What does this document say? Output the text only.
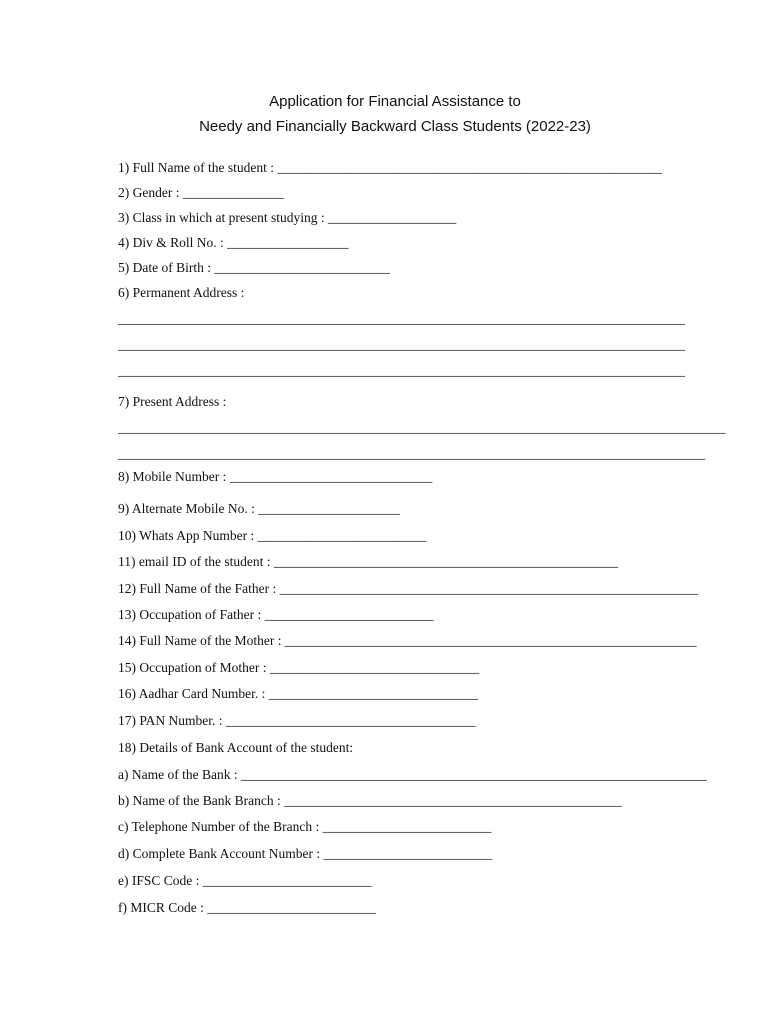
Application for Financial Assistance to
Needy and Financially Backward Class Students (2022-23)
1) Full Name of the student : _________________________________________________________
2) Gender : _______________
3) Class in which at present studying : ___________________
4) Div & Roll No. : __________________
5) Date of Birth : __________________________
6) Permanent Address :
____________________________________________________________________________________
____________________________________________________________________________________
____________________________________________________________________________________
7) Present Address :
__________________________________________________________________________________________
_______________________________________________________________________________________
8) Mobile Number : ______________________________
9) Alternate Mobile No. : _____________________
10) Whats App Number : _________________________
11) email ID of the student : ___________________________________________________
12) Full Name of the Father : ______________________________________________________________
13) Occupation of Father : _________________________
14) Full Name of the Mother : _____________________________________________________________
15) Occupation of Mother : _______________________________
16) Aadhar Card Number. : _______________________________
17) PAN Number. : _____________________________________
18) Details of Bank Account of the student:
a) Name of the Bank : _____________________________________________________________________
b) Name of the Bank Branch : __________________________________________________
c) Telephone Number of the Branch : _________________________
d) Complete Bank Account Number : _________________________
e) IFSC Code : _________________________
f) MICR Code : _________________________
